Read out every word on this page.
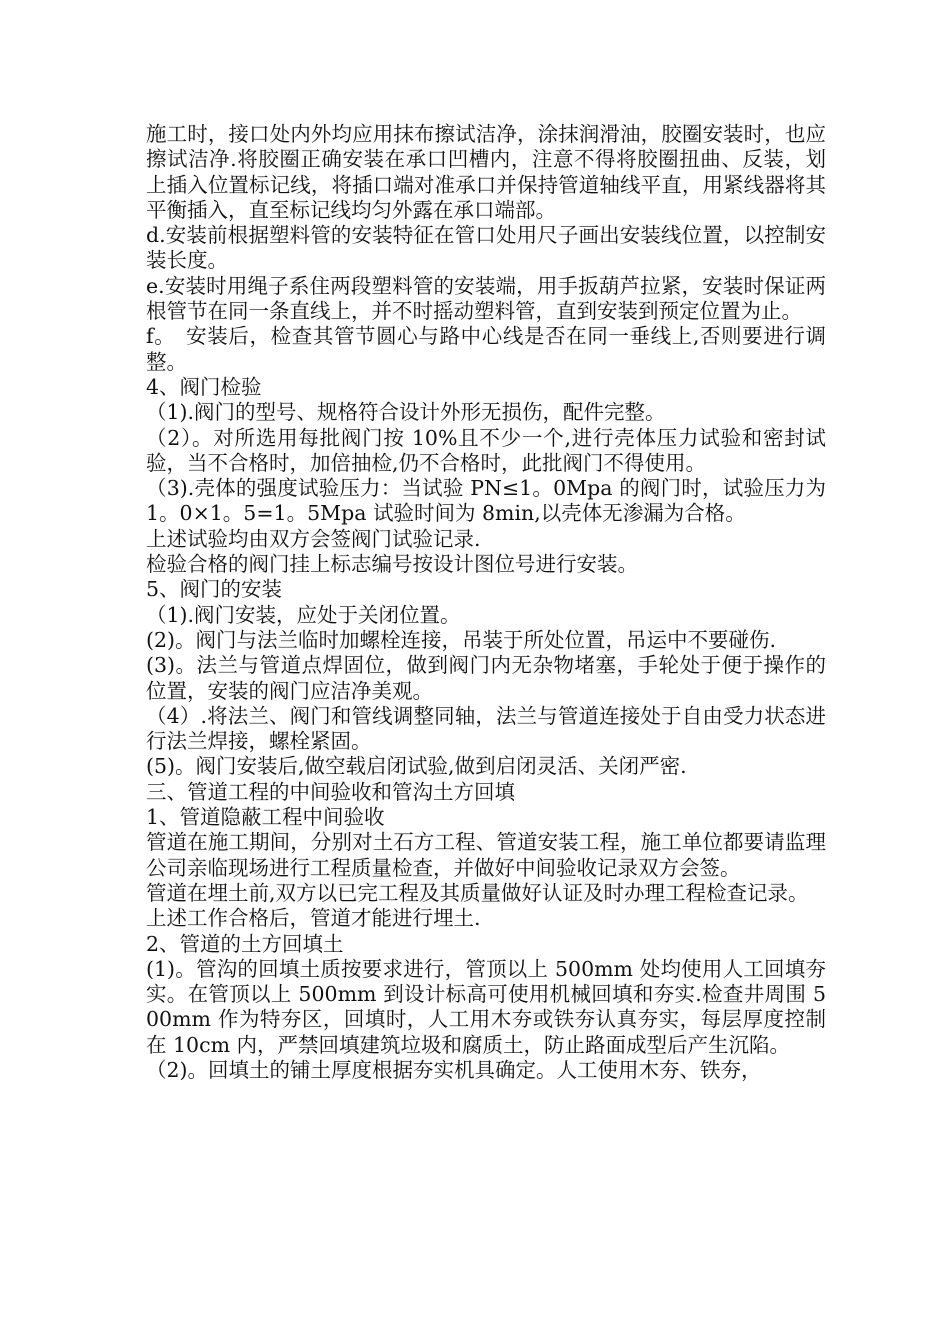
施工时，接口处内外均应用抹布擦试洁净，涂抹润滑油，胶圈安装时，也应擦试洁净.将胶圈正确安装在承口凹槽内，注意不得将胶圈扭曲、反装，划上插入位置标记线，将插口端对准承口并保持管道轴线平直，用紧线器将其平衡插入，直至标记线均匀外露在承口端部。

d.安装前根据塑料管的安装特征在管口处用尺子画出安装线位置，以控制安装长度。

e.安装时用绳子系住两段塑料管的安装端，用手扳葫芦拉紧，安装时保证两根管节在同一条直线上，并不时摇动塑料管，直到安装到预定位置为止。

f。　安装后，检查其管节圆心与路中心线是否在同一垂线上,否则要进行调整。

4、阀门检验

（1).阀门的型号、规格符合设计外形无损伤，配件完整。

（2）。对所选用每批阀门按 10%且不少一个,进行壳体压力试验和密封试验，当不合格时，加倍抽检,仍不合格时，此批阀门不得使用。

（3).壳体的强度试验压力：当试验 PN≤1。0Mpa 的阀门时，试验压力为 1。0×1。5=1。5Mpa 试验时间为 8min,以壳体无渗漏为合格。

上述试验均由双方会签阀门试验记录.

检验合格的阀门挂上标志编号按设计图位号进行安装。

5、阀门的安装

（1).阀门安装，应处于关闭位置。

(2)。阀门与法兰临时加螺栓连接，吊装于所处位置，吊运中不要碰伤.

(3)。法兰与管道点焊固位，做到阀门内无杂物堵塞，手轮处于便于操作的位置，安装的阀门应洁净美观。

（4）.将法兰、阀门和管线调整同轴，法兰与管道连接处于自由受力状态进行法兰焊接，螺栓紧固。

(5)。阀门安装后,做空载启闭试验,做到启闭灵活、关闭严密.

三、管道工程的中间验收和管沟土方回填

1、管道隐蔽工程中间验收

管道在施工期间，分别对土石方工程、管道安装工程，施工单位都要请监理公司亲临现场进行工程质量检查，并做好中间验收记录双方会签。

管道在埋土前,双方以已完工程及其质量做好认证及时办理工程检查记录。

上述工作合格后，管道才能进行埋土.

2、管道的土方回填土

(1)。管沟的回填土质按要求进行，管顶以上 500mm 处均使用人工回填夯实。在管顶以上 500mm 到设计标高可使用机械回填和夯实.检查井周围 500mm 作为特夯区，回填时，人工用木夯或铁夯认真夯实，每层厚度控制在 10cm 内，严禁回填建筑垃圾和腐质土，防止路面成型后产生沉陷。

（2)。回填土的铺土厚度根据夯实机具确定。人工使用木夯、铁夯，
